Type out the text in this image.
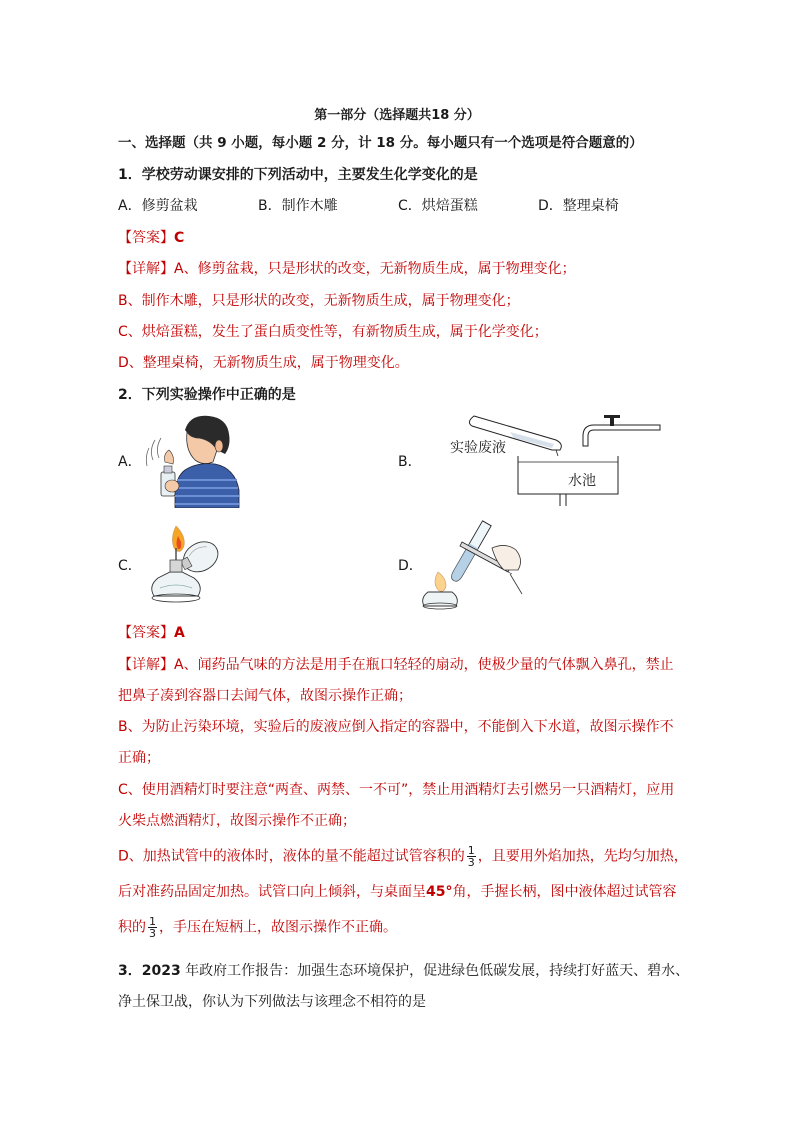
第一部分（选择题共18 分）
一、选择题（共 9 小题，每小题 2 分，计 18 分。每小题只有一个选项是符合题意的）
1．学校劳动课安排的下列活动中，主要发生化学变化的是
A．修剪盆栽	B．制作木雕	C．烘焙蛋糕	D．整理桌椅
【答案】C
【详解】A、修剪盆栽，只是形状的改变，无新物质生成，属于物理变化；
B、制作木雕，只是形状的改变，无新物质生成，属于物理变化；
C、烘焙蛋糕，发生了蛋白质变性等，有新物质生成，属于化学变化；
D、整理桌椅，无新物质生成，属于物理变化。
2．下列实验操作中正确的是
A．	B．
C．	D．
实验废液
水池
【答案】A
【详解】A、闻药品气味的方法是用手在瓶口轻轻的扇动，使极少量的气体飘入鼻孔，禁止
把鼻子凑到容器口去闻气体，故图示操作正确；
B、为防止污染环境，实验后的废液应倒入指定的容器中，不能倒入下水道，故图示操作不
正确；
C、使用酒精灯时要注意“两查、两禁、一不可”，禁止用酒精灯去引燃另一只酒精灯，应用
火柴点燃酒精灯，故图示操作不正确；
D、加热试管中的液体时，液体的量不能超过试管容积的 $\frac{1}{3}$ ，且要用外焰加热，先均匀加热，
后对准药品固定加热。试管口向上倾斜，与桌面呈45°角，手握长柄，图中液体超过试管容
积的 $\frac{1}{3}$ ，手压在短柄上，故图示操作不正确。
3．2023 年政府工作报告：加强生态环境保护，促进绿色低碳发展，持续打好蓝天、碧水、
净土保卫战，你认为下列做法与该理念不相符的是
